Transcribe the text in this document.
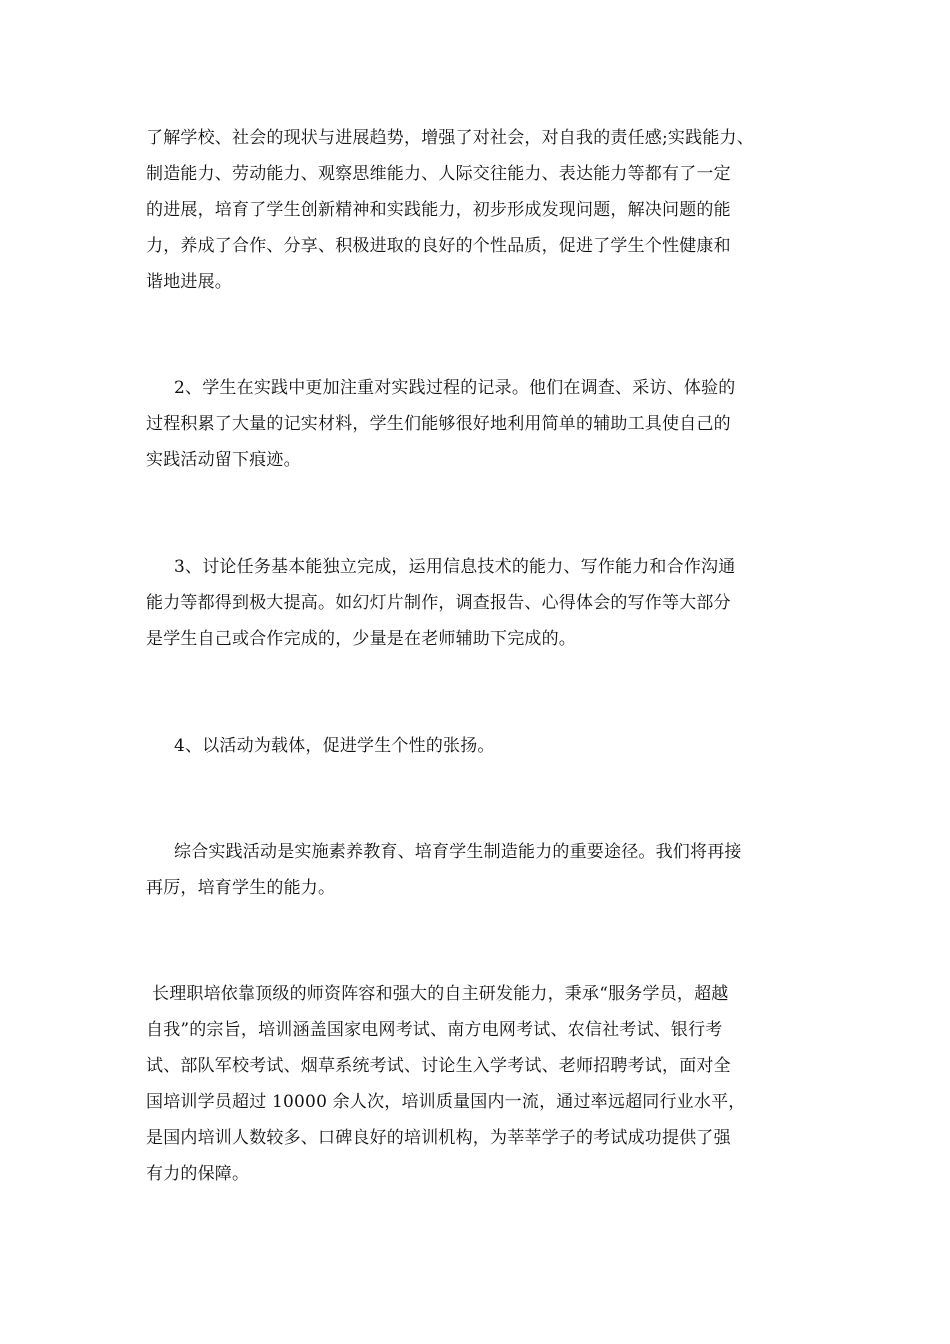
了解学校、社会的现状与进展趋势，增强了对社会，对自我的责任感;实践能力、
制造能力、劳动能力、观察思维能力、人际交往能力、表达能力等都有了一定
的进展，培育了学生创新精神和实践能力，初步形成发现问题，解决问题的能
力，养成了合作、分享、积极进取的良好的个性品质，促进了学生个性健康和
谐地进展。
2、学生在实践中更加注重对实践过程的记录。他们在调查、采访、体验的
过程积累了大量的记实材料，学生们能够很好地利用简单的辅助工具使自己的
实践活动留下痕迹。
3、讨论任务基本能独立完成，运用信息技术的能力、写作能力和合作沟通
能力等都得到极大提高。如幻灯片制作，调查报告、心得体会的写作等大部分
是学生自己或合作完成的，少量是在老师辅助下完成的。
4、以活动为载体，促进学生个性的张扬。
综合实践活动是实施素养教育、培育学生制造能力的重要途径。我们将再接
再厉，培育学生的能力。
长理职培依靠顶级的师资阵容和强大的自主研发能力，秉承“服务学员，超越
自我”的宗旨，培训涵盖国家电网考试、南方电网考试、农信社考试、银行考
试、部队军校考试、烟草系统考试、讨论生入学考试、老师招聘考试，面对全
国培训学员超过 10000 余人次，培训质量国内一流，通过率远超同行业水平，
是国内培训人数较多、口碑良好的培训机构，为莘莘学子的考试成功提供了强
有力的保障。
